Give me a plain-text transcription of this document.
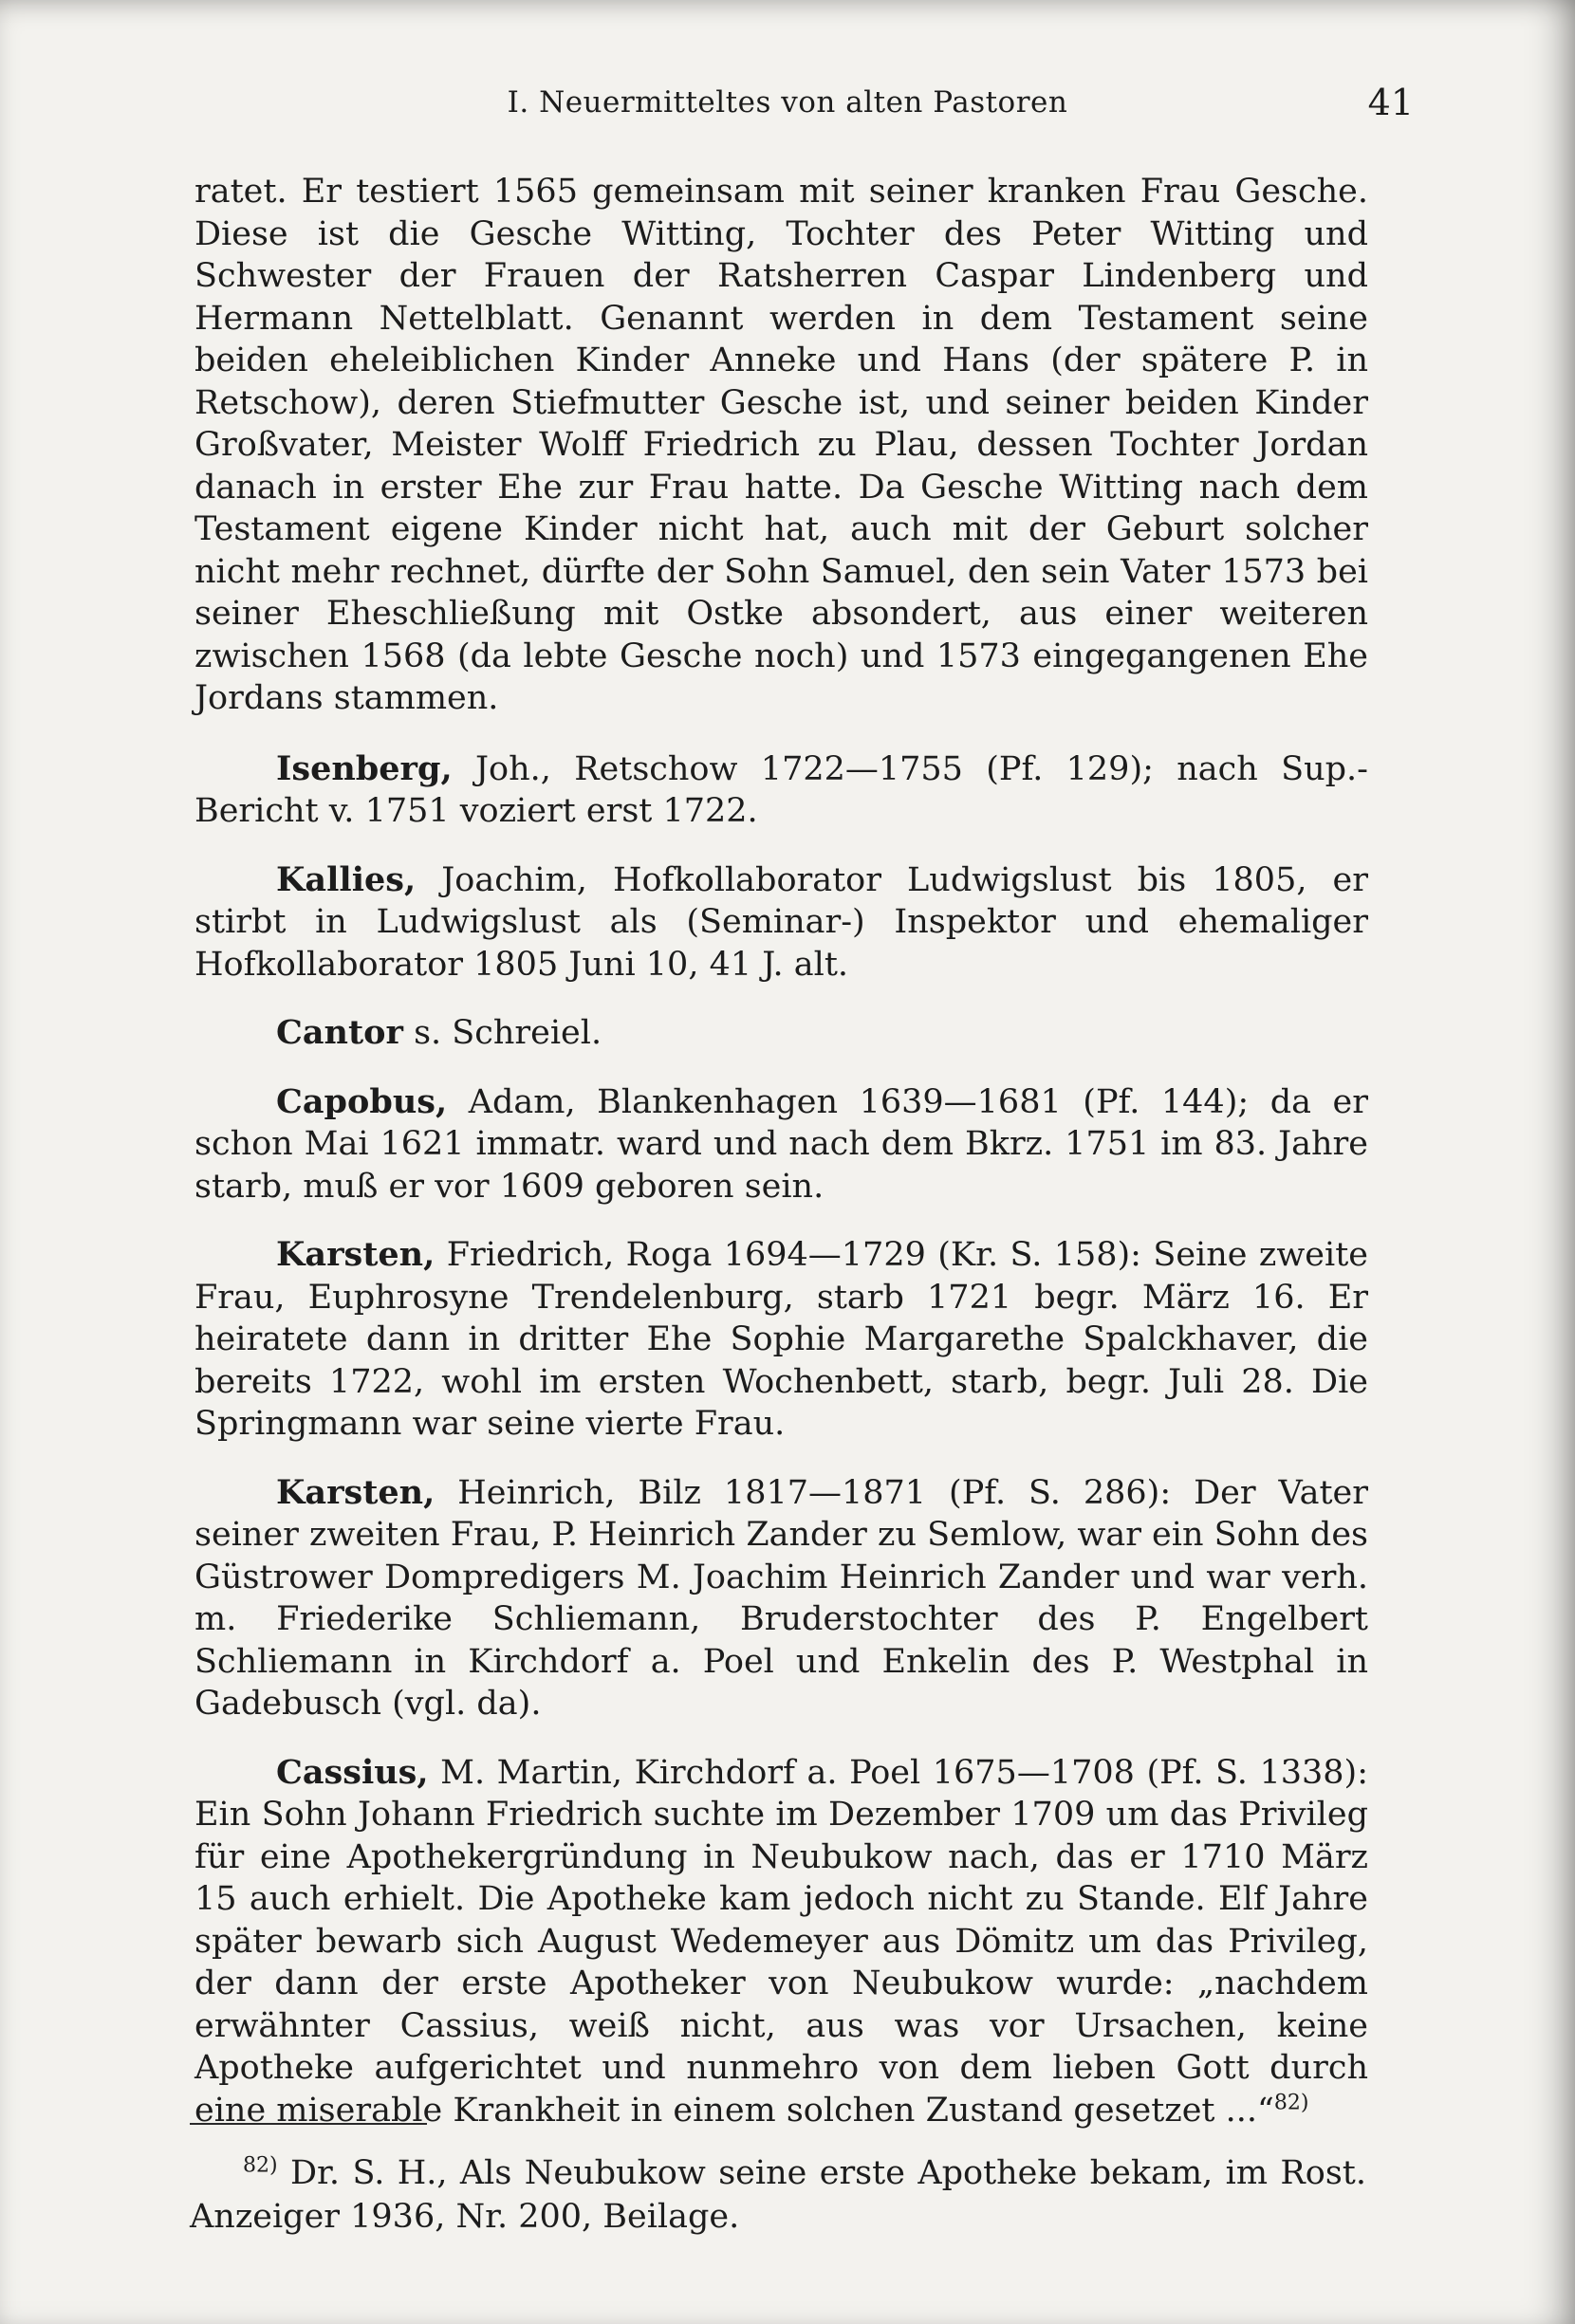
I. Neuermitteltes von alten Pastoren	41

ratet. Er testiert 1565 gemeinsam mit seiner kranken Frau Gesche. Diese ist die Gesche Witting, Tochter des Peter Witting und Schwester der Frauen der Ratsherren Caspar Lindenberg und Hermann Nettelblatt. Genannt werden in dem Testament seine beiden eheleiblichen Kinder Anneke und Hans (der spätere P. in Retschow), deren Stiefmutter Gesche ist, und seiner beiden Kinder Großvater, Meister Wolff Friedrich zu Plau, dessen Tochter Jordan danach in erster Ehe zur Frau hatte. Da Gesche Witting nach dem Testament eigene Kinder nicht hat, auch mit der Geburt solcher nicht mehr rechnet, dürfte der Sohn Samuel, den sein Vater 1573 bei seiner Eheschließung mit Ostke absondert, aus einer weiteren zwischen 1568 (da lebte Gesche noch) und 1573 eingegangenen Ehe Jordans stammen.

Isenberg, Joh., Retschow 1722—1755 (Pf. 129); nach Sup.-Bericht v. 1751 voziert erst 1722.

Kallies, Joachim, Hofkollaborator Ludwigslust bis 1805, er stirbt in Ludwigslust als (Seminar-) Inspektor und ehemaliger Hofkollaborator 1805 Juni 10, 41 J. alt.

Cantor s. Schreiel.

Capobus, Adam, Blankenhagen 1639—1681 (Pf. 144); da er schon Mai 1621 immatr. ward und nach dem Bkrz. 1751 im 83. Jahre starb, muß er vor 1609 geboren sein.

Karsten, Friedrich, Roga 1694—1729 (Kr. S. 158): Seine zweite Frau, Euphrosyne Trendelenburg, starb 1721 begr. März 16. Er heiratete dann in dritter Ehe Sophie Margarethe Spalckhaver, die bereits 1722, wohl im ersten Wochenbett, starb, begr. Juli 28. Die Springmann war seine vierte Frau.

Karsten, Heinrich, Bilz 1817—1871 (Pf. S. 286): Der Vater seiner zweiten Frau, P. Heinrich Zander zu Semlow, war ein Sohn des Güstrower Dompredigers M. Joachim Heinrich Zander und war verh. m. Friederike Schliemann, Bruderstochter des P. Engelbert Schliemann in Kirchdorf a. Poel und Enkelin des P. Westphal in Gadebusch (vgl. da).

Cassius, M. Martin, Kirchdorf a. Poel 1675—1708 (Pf. S. 1338): Ein Sohn Johann Friedrich suchte im Dezember 1709 um das Privileg für eine Apothekergründung in Neubukow nach, das er 1710 März 15 auch erhielt. Die Apotheke kam jedoch nicht zu Stande. Elf Jahre später bewarb sich August Wedemeyer aus Dömitz um das Privileg, der dann der erste Apotheker von Neubukow wurde: „nachdem erwähnter Cassius, weiß nicht, aus was vor Ursachen, keine Apotheke aufgerichtet und nunmehro von dem lieben Gott durch eine miserable Krankheit in einem solchen Zustand gesetzet ...“$^{82)}$

$^{82)}$ Dr. S. H., Als Neubukow seine erste Apotheke bekam, im Rost. Anzeiger 1936, Nr. 200, Beilage.
